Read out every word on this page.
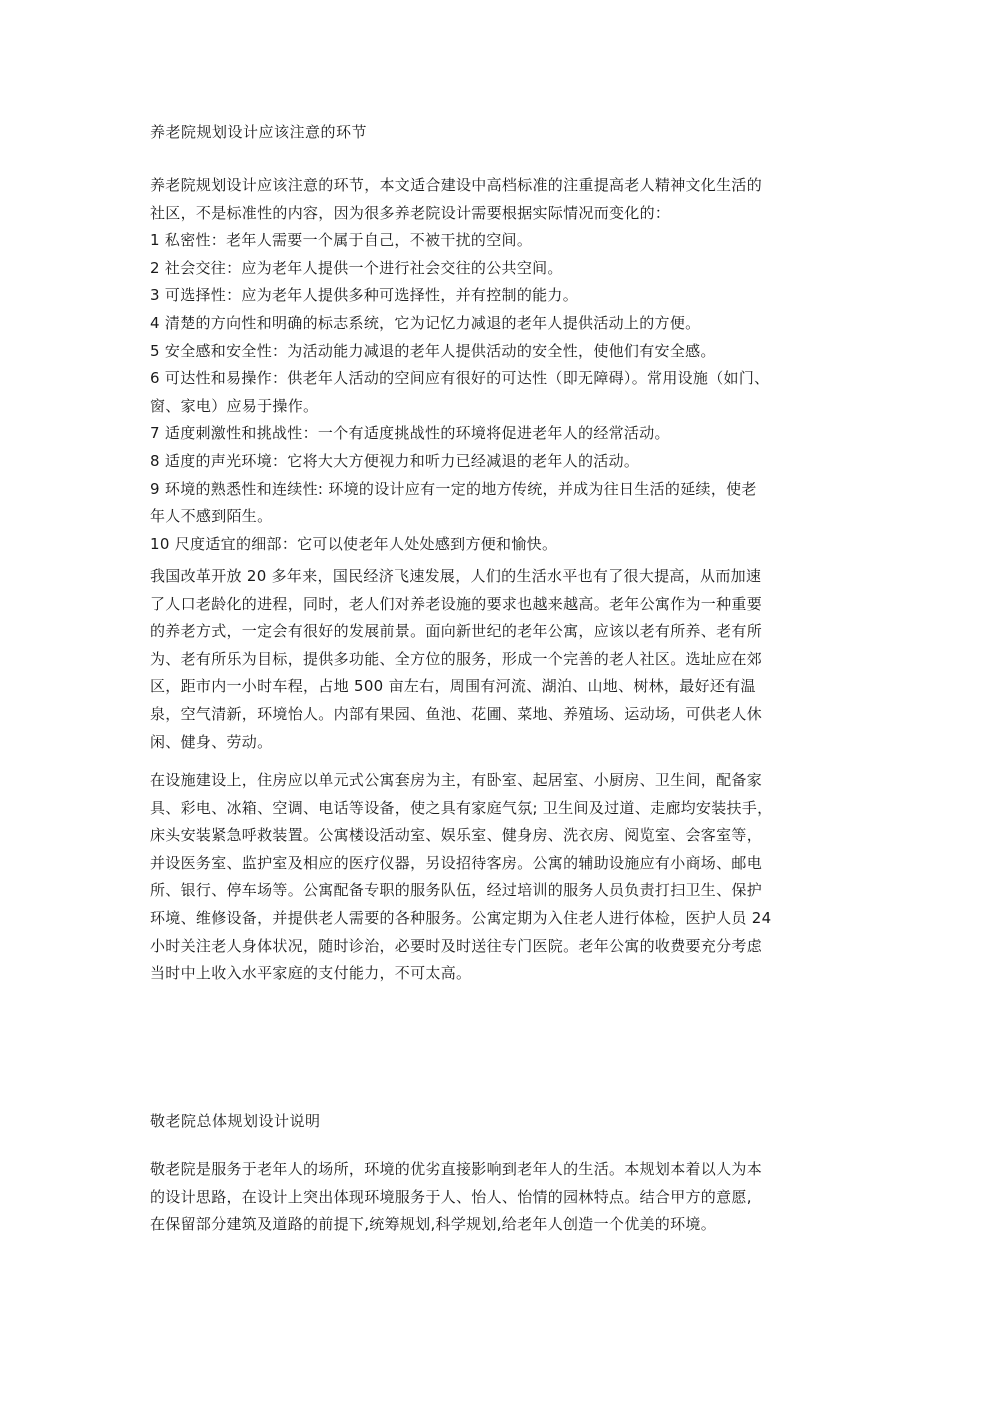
养老院规划设计应该注意的环节

养老院规划设计应该注意的环节，本文适合建设中高档标准的注重提高老人精神文化生活的

社区，不是标准性的内容，因为很多养老院设计需要根据实际情况而变化的：

1 私密性：老年人需要一个属于自己，不被干扰的空间。

2 社会交往：应为老年人提供一个进行社会交往的公共空间。

3 可选择性：应为老年人提供多种可选择性，并有控制的能力。

4 清楚的方向性和明确的标志系统，它为记忆力减退的老年人提供活动上的方便。

5 安全感和安全性：为活动能力减退的老年人提供活动的安全性，使他们有安全感。

6 可达性和易操作：供老年人活动的空间应有很好的可达性（即无障碍）。常用设施（如门、

窗、家电）应易于操作。

7 适度刺激性和挑战性：一个有适度挑战性的环境将促进老年人的经常活动。

8 适度的声光环境：它将大大方便视力和听力已经减退的老年人的活动。

9 环境的熟悉性和连续性: 环境的设计应有一定的地方传统，并成为往日生活的延续，使老

年人不感到陌生。

10 尺度适宜的细部：它可以使老年人处处感到方便和愉快。

我国改革开放 20 多年来，国民经济飞速发展，人们的生活水平也有了很大提高，从而加速

了人口老龄化的进程，同时，老人们对养老设施的要求也越来越高。老年公寓作为一种重要

的养老方式，一定会有很好的发展前景。面向新世纪的老年公寓，应该以老有所养、老有所

为、老有所乐为目标，提供多功能、全方位的服务，形成一个完善的老人社区。选址应在郊

区，距市内一小时车程，占地 500 亩左右，周围有河流、湖泊、山地、树林，最好还有温

泉，空气清新，环境怡人。内部有果园、鱼池、花圃、菜地、养殖场、运动场，可供老人休

闲、健身、劳动。

在设施建设上，住房应以单元式公寓套房为主，有卧室、起居室、小厨房、卫生间，配备家

具、彩电、冰箱、空调、电话等设备，使之具有家庭气氛; 卫生间及过道、走廊均安装扶手，

床头安装紧急呼救装置。公寓楼设活动室、娱乐室、健身房、洗衣房、阅览室、会客室等，

并设医务室、监护室及相应的医疗仪器，另设招待客房。公寓的辅助设施应有小商场、邮电

所、银行、停车场等。公寓配备专职的服务队伍，经过培训的服务人员负责打扫卫生、保护

环境、维修设备，并提供老人需要的各种服务。公寓定期为入住老人进行体检，医护人员 24

小时关注老人身体状况，随时诊治，必要时及时送往专门医院。老年公寓的收费要充分考虑

当时中上收入水平家庭的支付能力，不可太高。

敬老院总体规划设计说明

敬老院是服务于老年人的场所，环境的优劣直接影响到老年人的生活。本规划本着以人为本

的设计思路，在设计上突出体现环境服务于人、怡人、怡情的园林特点。结合甲方的意愿,

在保留部分建筑及道路的前提下,统筹规划,科学规划,给老年人创造一个优美的环境。
